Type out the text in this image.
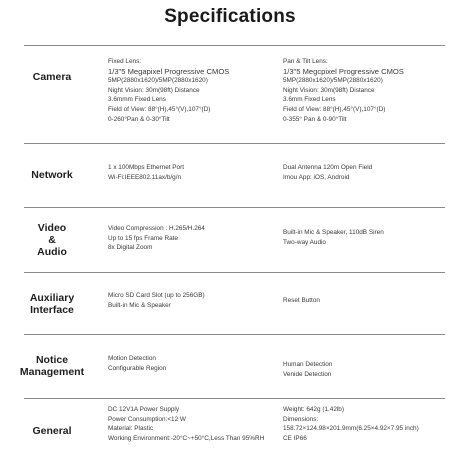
Specifications
Camera
Fixed Lens:
1/3"5 Megapixel Progressive CMOS
5MP(2880x1620)/5MP(2880x1620)
Night Vision: 30m(98ft) Distance
3.6mmm Fixed Lens
Field of View: 88°(H),45°(V),107°(D)
0-260°Pan & 0-30°Tilt
Pan & Tilt Lens:
1/3"5 Megcpixel Progressive CMOS
5MP(2880x1620)/5MP(2880x1620)
Night Vision: 30m(98ft) Distance
3.6mm Fixed Lens
Field of View: 88°(H),45°(V),107°(D)
0-355° Pan & 0-90°Tilt
Network
1 x 100Mbps Ethernet Port
Wi-Fi:IEEE802.11ax/b/g/n
Dual Antenna 120m Open Field
Imou App: iOS, Android
Video
&
Audio
Video Compression : H.265/H.264
Up to 15 fps Frame Rate
8x Digital Zoom
Built-in Mic & Speaker, 110dB Siren
Two-way Audio
Auxiliary
Interface
Micro SD Card Slot (up to 256GB)
Built-in Mic & Speaker
Reset Button
Notice
Management
Motion Detection
Configurable Region
Human Detection
Venide Detection
General
DC 12V1A Power Supply
Power Consumption:<12 W
Material: Plastic
Working Environment:-20°C~+50°C,Less Than 95%RH
Weight: 642g (1.42lb)
Dimensions:
158.72×124.98×201.9mm(6.25×4.92×7.95 inch)
CE IP66
